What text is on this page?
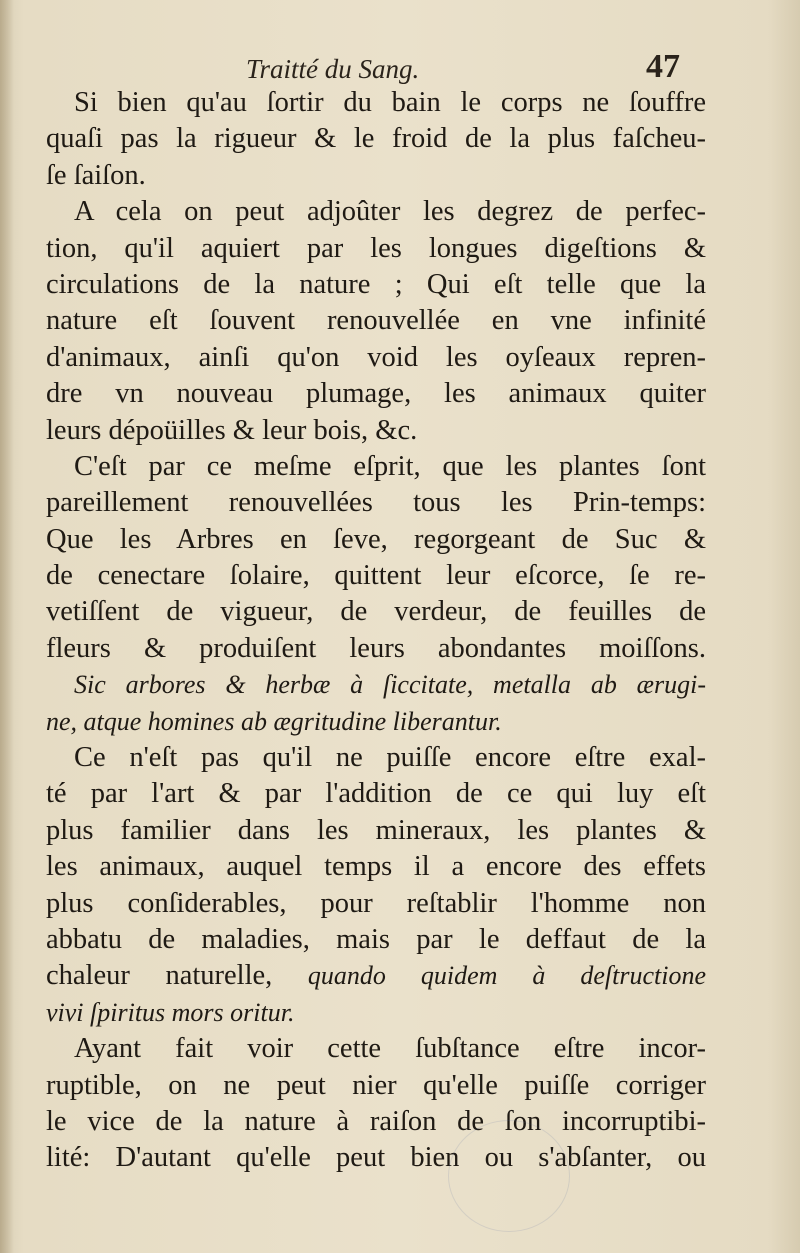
Traitté du Sang.	47
Si bien qu'au ſortir du bain le corps ne ſouffre
quaſi pas la rigueur & le froid de la plus faſcheu-
ſe ſaiſon.
A cela on peut adjoûter les degrez de perfec-
tion, qu'il aquiert par les longues digeſtions &
circulations de la nature ; Qui eſt telle que la
nature eſt ſouvent renouvellée en vne infinité
d'animaux, ainſi qu'on void les oyſeaux repren-
dre vn nouveau plumage, les animaux quiter
leurs dépoüilles & leur bois, &c.
C'eſt par ce meſme eſprit, que les plantes ſont
pareillement renouvellées tous les Prin-temps:
Que les Arbres en ſeve, regorgeant de Suc &
de cenectare ſolaire, quittent leur eſcorce, ſe re-
vetiſſent de vigueur, de verdeur, de feuilles de
fleurs & produiſent leurs abondantes moiſſons.
Sic arbores & herbæ à ſiccitate, metalla ab ærugi-
ne, atque homines ab ægritudine liberantur.
Ce n'eſt pas qu'il ne puiſſe encore eſtre exal-
té par l'art & par l'addition de ce qui luy eſt
plus familier dans les mineraux, les plantes &
les animaux, auquel temps il a encore des effets
plus conſiderables, pour reſtablir l'homme non
abbatu de maladies, mais par le deffaut de la
chaleur naturelle, quando quidem à deſtructione
vivi ſpiritus mors oritur.
Ayant fait voir cette ſubſtance eſtre incor-
ruptible, on ne peut nier qu'elle puiſſe corriger
le vice de la nature à raiſon de ſon incorruptibi-
lité: D'autant qu'elle peut bien ou s'abſanter, ou
